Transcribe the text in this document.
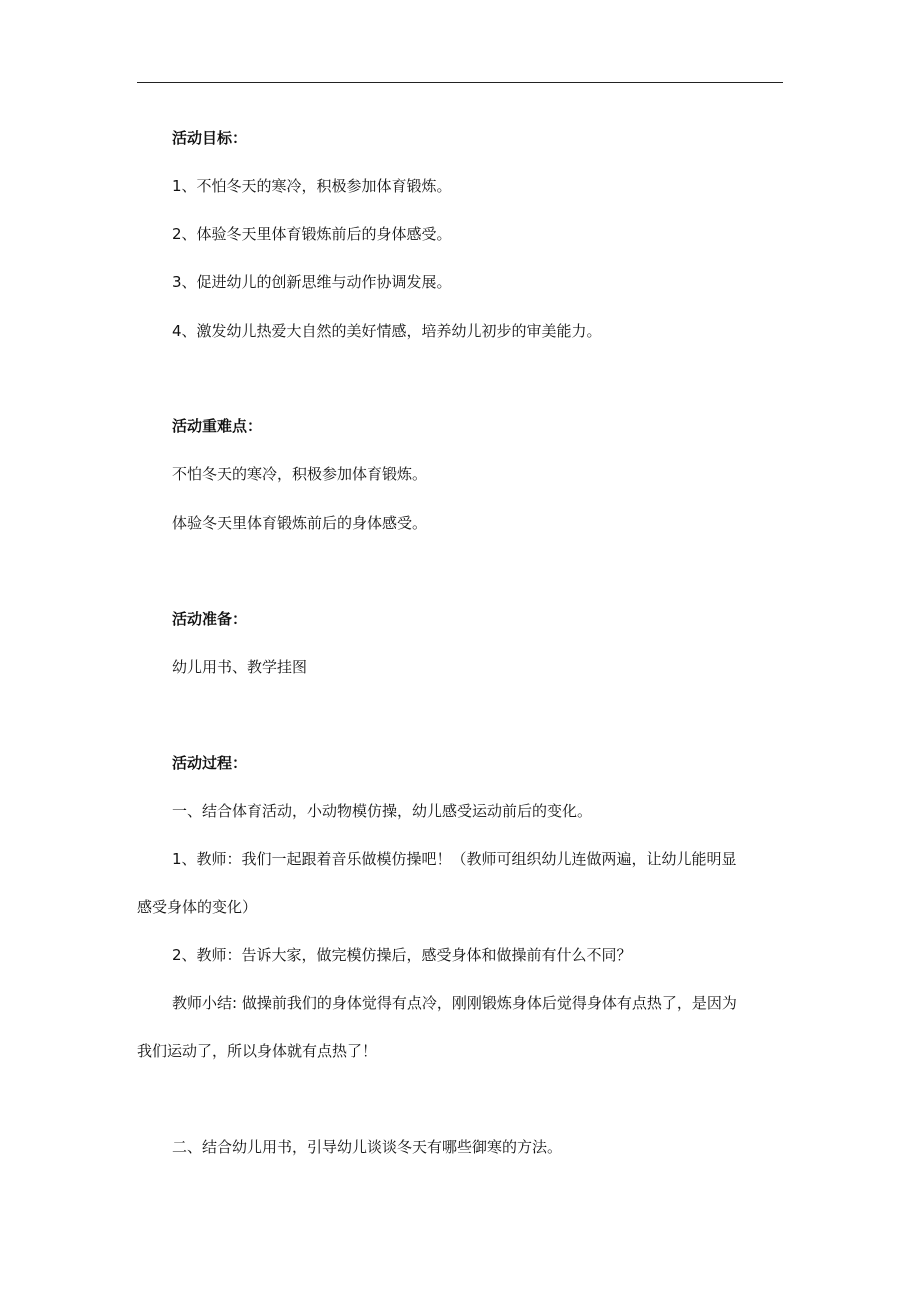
活动目标：

1、不怕冬天的寒冷，积极参加体育锻炼。

2、体验冬天里体育锻炼前后的身体感受。

3、促进幼儿的创新思维与动作协调发展。

4、激发幼儿热爱大自然的美好情感，培养幼儿初步的审美能力。

活动重难点：

不怕冬天的寒冷，积极参加体育锻炼。

体验冬天里体育锻炼前后的身体感受。

活动准备：

幼儿用书、教学挂图

活动过程：

一、结合体育活动，小动物模仿操，幼儿感受运动前后的变化。

1、教师：我们一起跟着音乐做模仿操吧！（教师可组织幼儿连做两遍，让幼儿能明显

感受身体的变化）

2、教师：告诉大家，做完模仿操后，感受身体和做操前有什么不同？

教师小结: 做操前我们的身体觉得有点冷，刚刚锻炼身体后觉得身体有点热了，是因为

我们运动了，所以身体就有点热了！

二、结合幼儿用书，引导幼儿谈谈冬天有哪些御寒的方法。
